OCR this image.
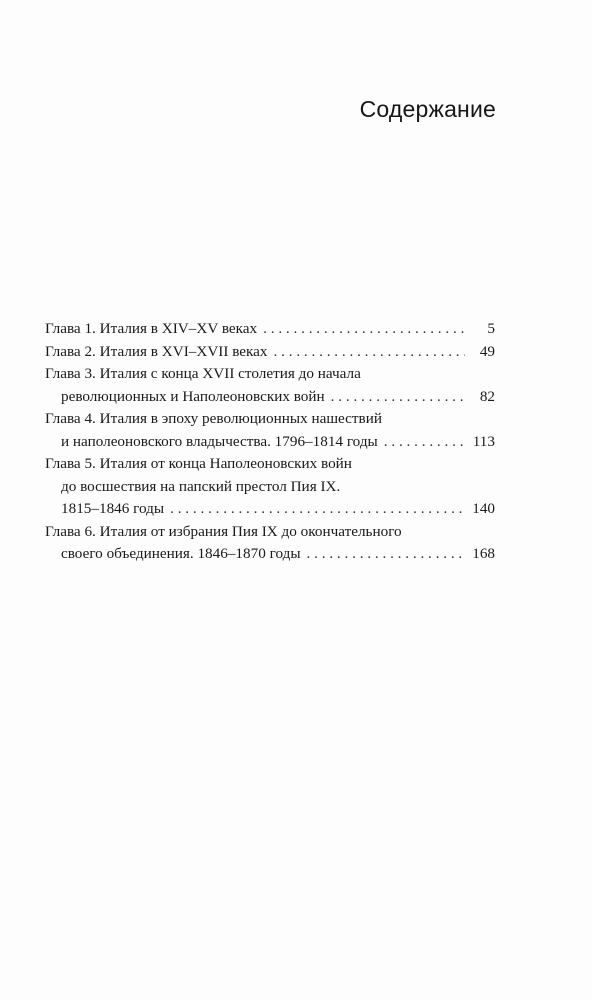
Содержание
Глава 1. Италия в XIV–XV веках . . .	5
Глава 2. Италия в XVI–XVII веках . . .	49
Глава 3. Италия с конца XVII столетия до начала
революционных и Наполеоновских войн . . .	82
Глава 4. Италия в эпоху революционных нашествий
и наполеоновского владычества. 1796–1814 годы . . .	113
Глава 5. Италия от конца Наполеоновских войн
до восшествия на папский престол Пия IX.
1815–1846 годы . . .	140
Глава 6. Италия от избрания Пия IX до окончательного
своего объединения. 1846–1870 годы . . .	168
